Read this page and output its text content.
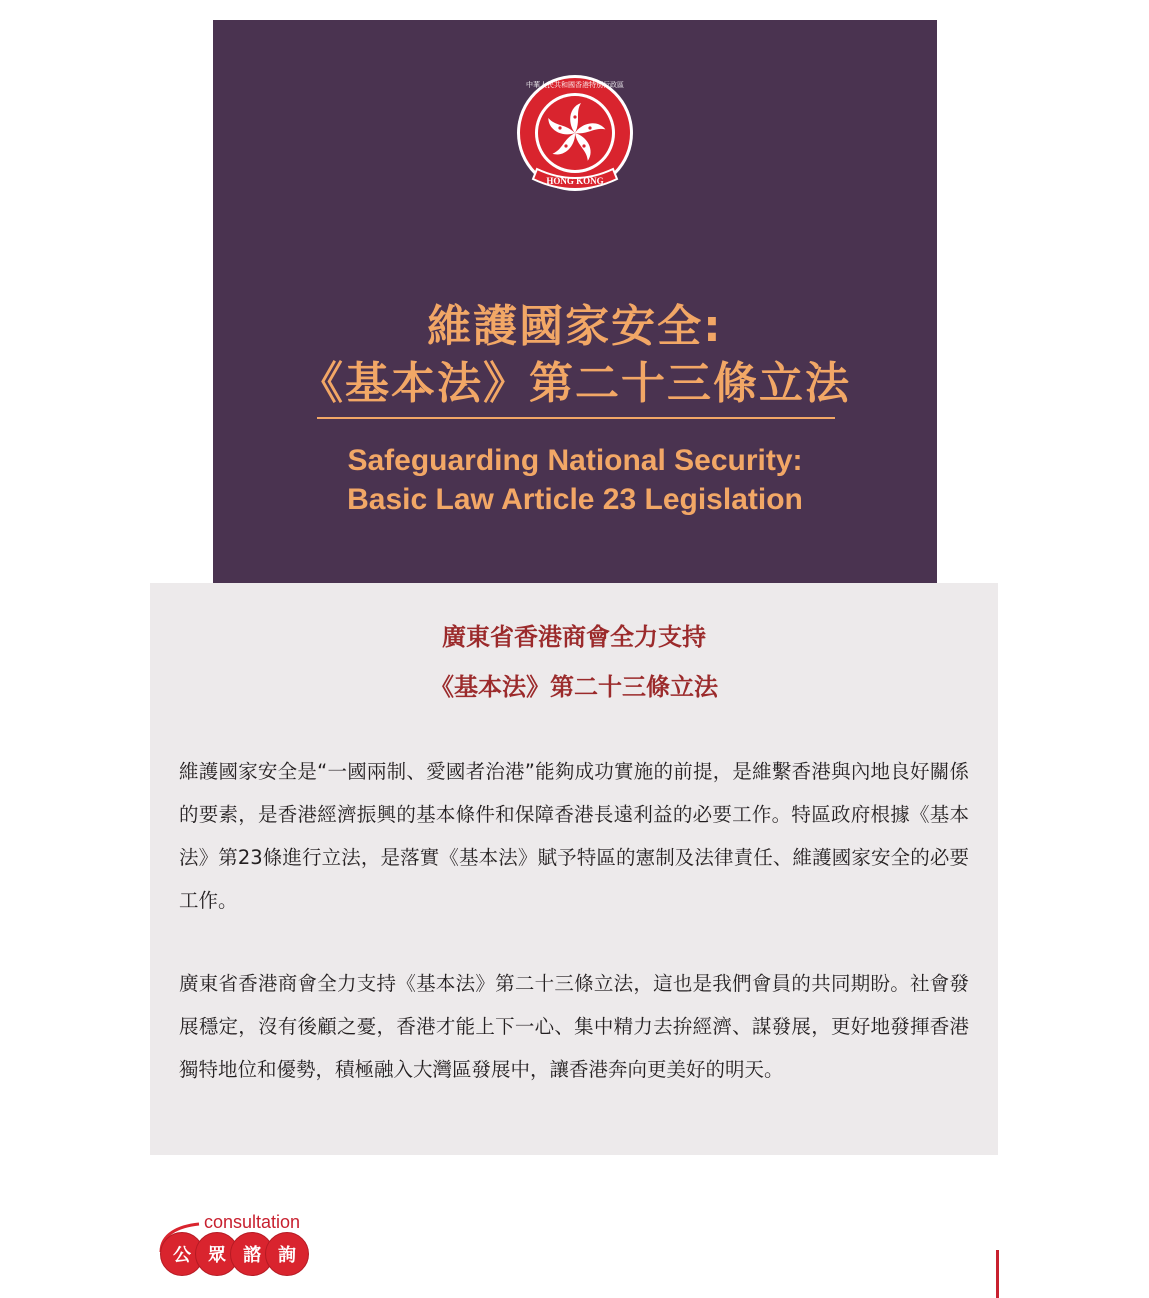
HONG KONG
中華人民共和國香港特別行政區
維護國家安全:
《基本法》第二十三條立法
Safeguarding National Security:
Basic Law Article 23 Legislation
廣東省香港商會全力支持
《基本法》第二十三條立法

維護國家安全是“一國兩制、愛國者治港”能夠成功實施的前提，是維繫香港與內地良好關係的要素，是香港經濟振興的基本條件和保障香港長遠利益的必要工作。特區政府根據《基本法》第23條進行立法，是落實《基本法》賦予特區的憲制及法律責任、維護國家安全的必要工作。

廣東省香港商會全力支持《基本法》第二十三條立法，這也是我們會員的共同期盼。社會發展穩定，沒有後顧之憂，香港才能上下一心、集中精力去拚經濟、謀發展，更好地發揮香港獨特地位和優勢，積極融入大灣區發展中，讓香港奔向更美好的明天。

consultation
公 眾 諮 詢
